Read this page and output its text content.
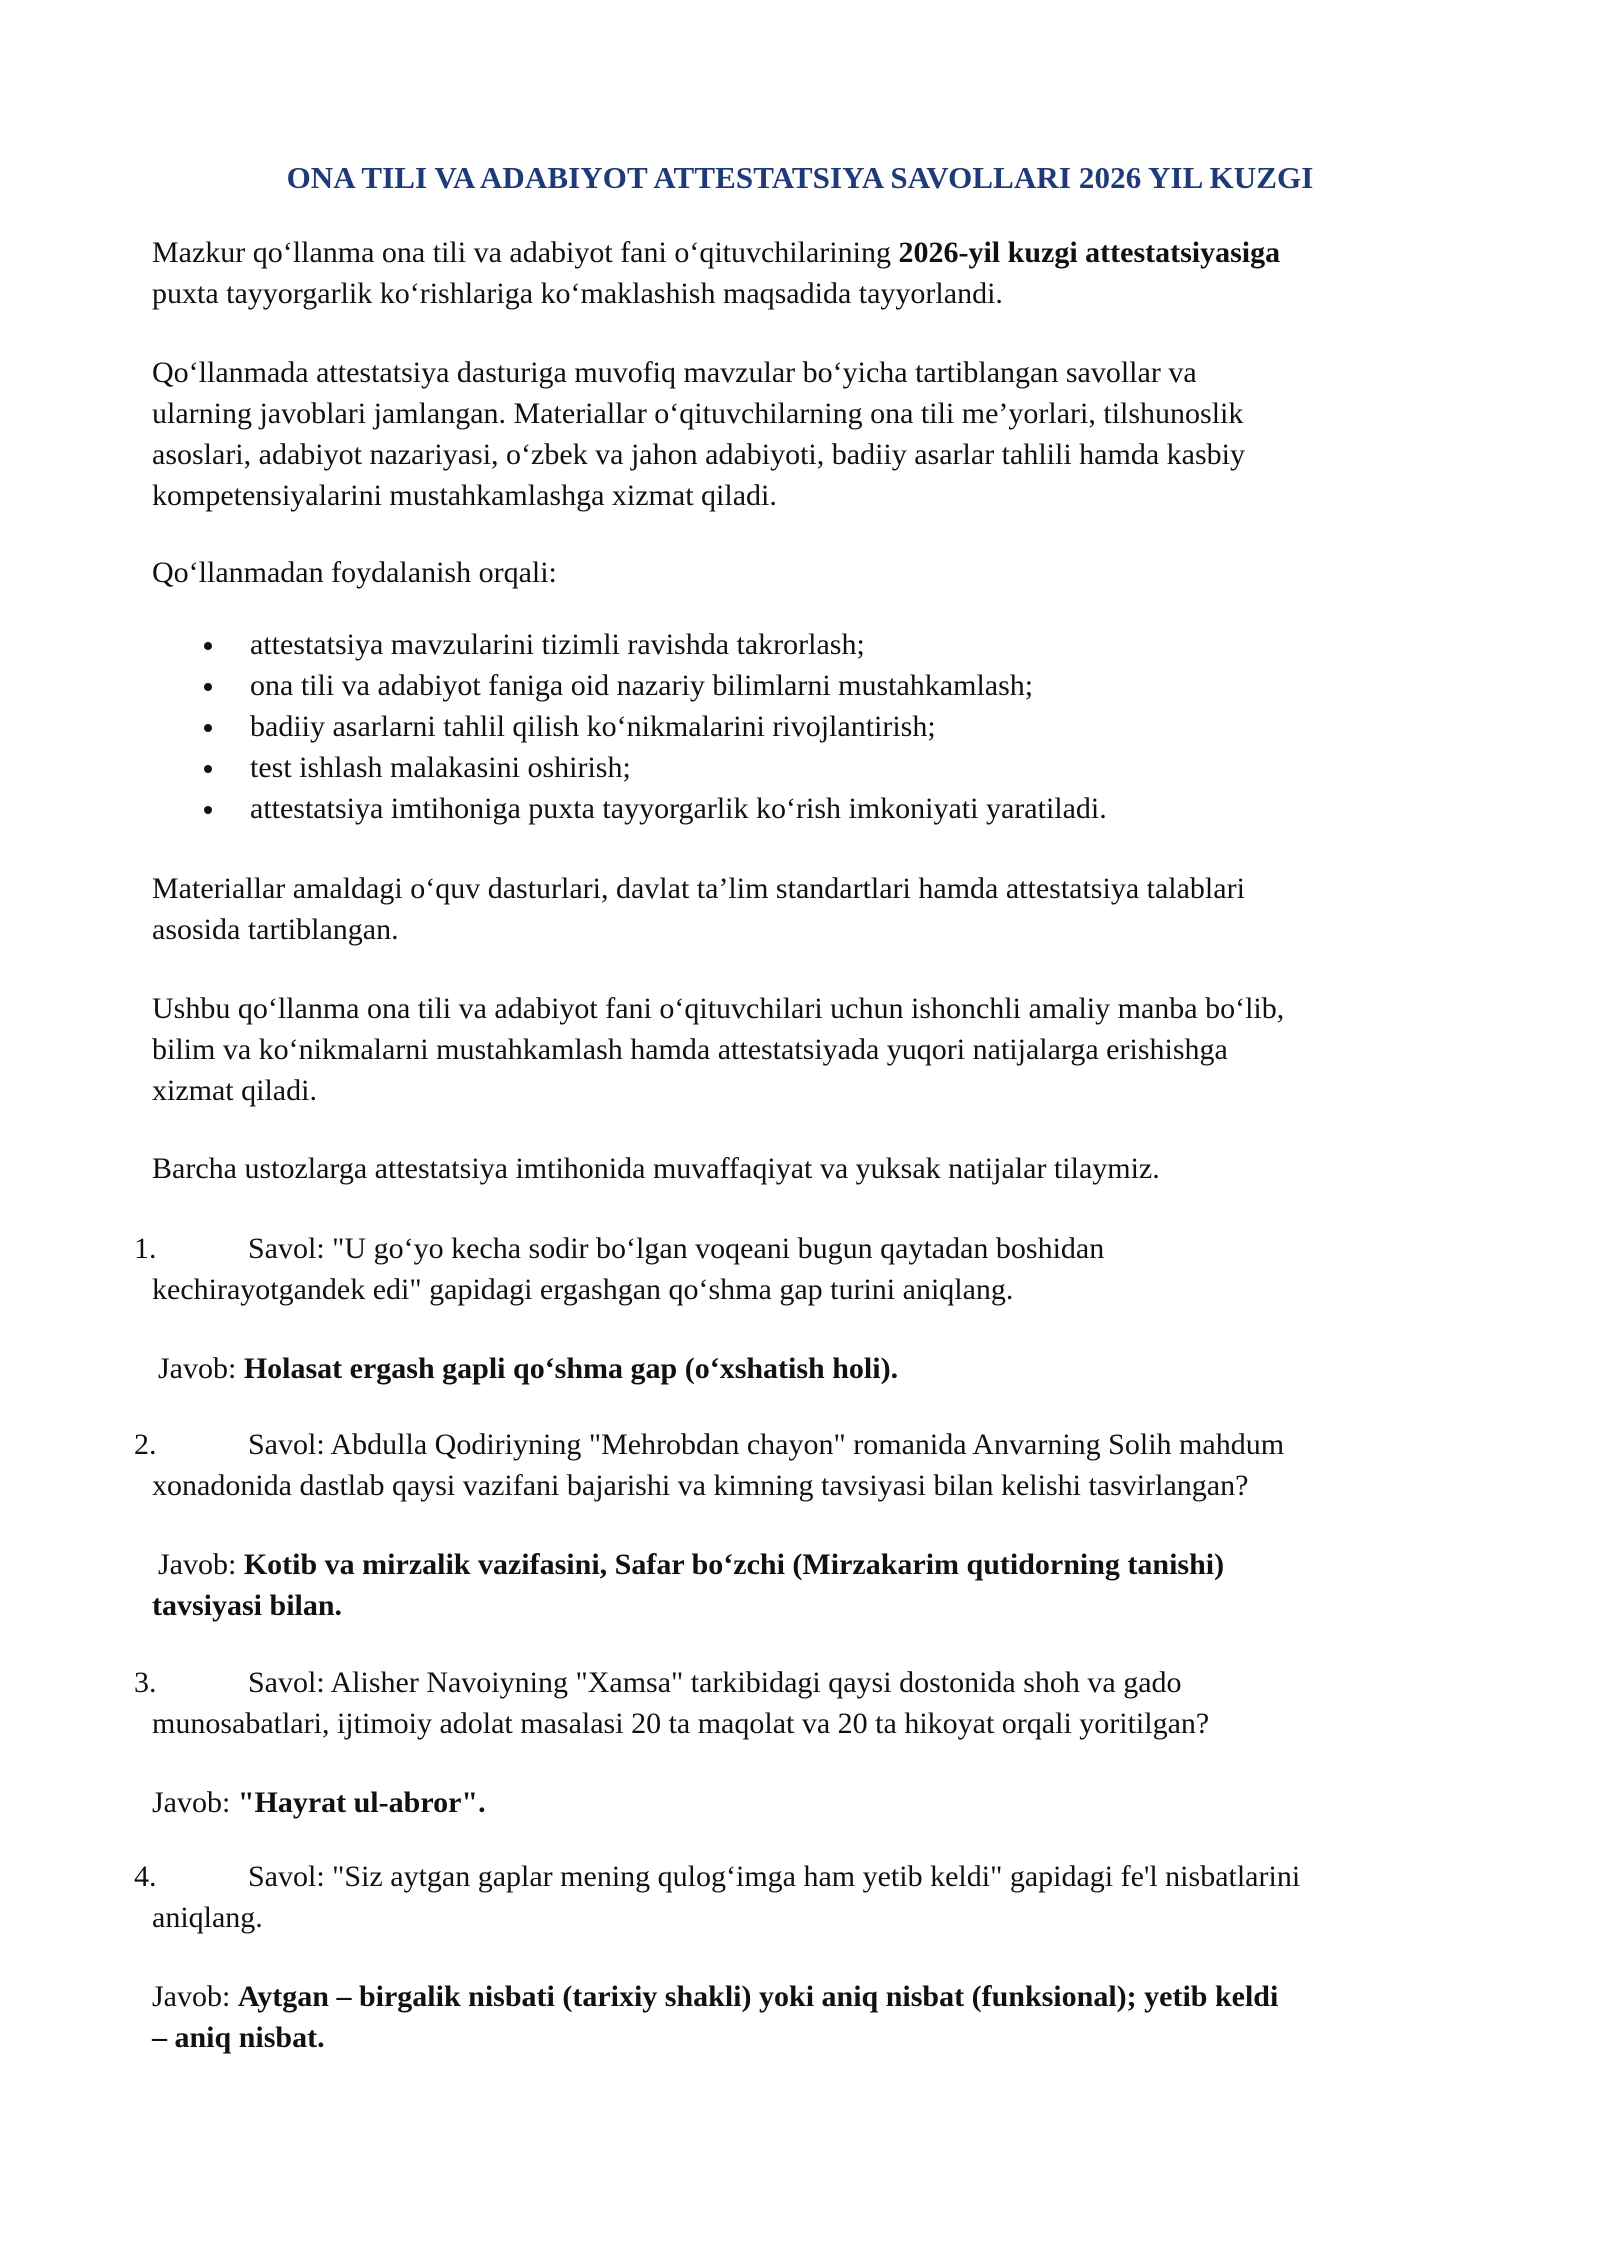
ONA TILI VA ADABIYOT ATTESTATSIYA SAVOLLARI 2026 YIL KUZGI
Mazkur qo‘llanma ona tili va adabiyot fani o‘qituvchilarining 2026-yil kuzgi attestatsiyasiga
puxta tayyorgarlik ko‘rishlariga ko‘maklashish maqsadida tayyorlandi.
Qo‘llanmada attestatsiya dasturiga muvofiq mavzular bo‘yicha tartiblangan savollar va
ularning javoblari jamlangan. Materiallar o‘qituvchilarning ona tili me’yorlari, tilshunoslik
asoslari, adabiyot nazariyasi, o‘zbek va jahon adabiyoti, badiiy asarlar tahlili hamda kasbiy
kompetensiyalarini mustahkamlashga xizmat qiladi.
Qo‘llanmadan foydalanish orqali:
attestatsiya mavzularini tizimli ravishda takrorlash;
ona tili va adabiyot faniga oid nazariy bilimlarni mustahkamlash;
badiiy asarlarni tahlil qilish ko‘nikmalarini rivojlantirish;
test ishlash malakasini oshirish;
attestatsiya imtihoniga puxta tayyorgarlik ko‘rish imkoniyati yaratiladi.
Materiallar amaldagi o‘quv dasturlari, davlat ta’lim standartlari hamda attestatsiya talablari
asosida tartiblangan.
Ushbu qo‘llanma ona tili va adabiyot fani o‘qituvchilari uchun ishonchli amaliy manba bo‘lib,
bilim va ko‘nikmalarni mustahkamlash hamda attestatsiyada yuqori natijalarga erishishga
xizmat qiladi.
Barcha ustozlarga attestatsiya imtihonida muvaffaqiyat va yuksak natijalar tilaymiz.
1.	Savol: "U go‘yo kecha sodir bo‘lgan voqeani bugun qaytadan boshidan
kechirayotgandek edi" gapidagi ergashgan qo‘shma gap turini aniqlang.
Javob: Holasat ergash gapli qo‘shma gap (o‘xshatish holi).
2.	Savol: Abdulla Qodiriyning "Mehrobdan chayon" romanida Anvarning Solih mahdum
xonadonida dastlab qaysi vazifani bajarishi va kimning tavsiyasi bilan kelishi tasvirlangan?
Javob: Kotib va mirzalik vazifasini, Safar bo‘zchi (Mirzakarim qutidorning tanishi)
tavsiyasi bilan.
3.	Savol: Alisher Navoiyning "Xamsa" tarkibidagi qaysi dostonida shoh va gado
munosabatlari, ijtimoiy adolat masalasi 20 ta maqolat va 20 ta hikoyat orqali yoritilgan?
Javob: "Hayrat ul-abror".
4.	Savol: "Siz aytgan gaplar mening qulog‘imga ham yetib keldi" gapidagi fe'l nisbatlarini
aniqlang.
Javob: Aytgan – birgalik nisbati (tarixiy shakli) yoki aniq nisbat (funksional); yetib keldi
– aniq nisbat.
